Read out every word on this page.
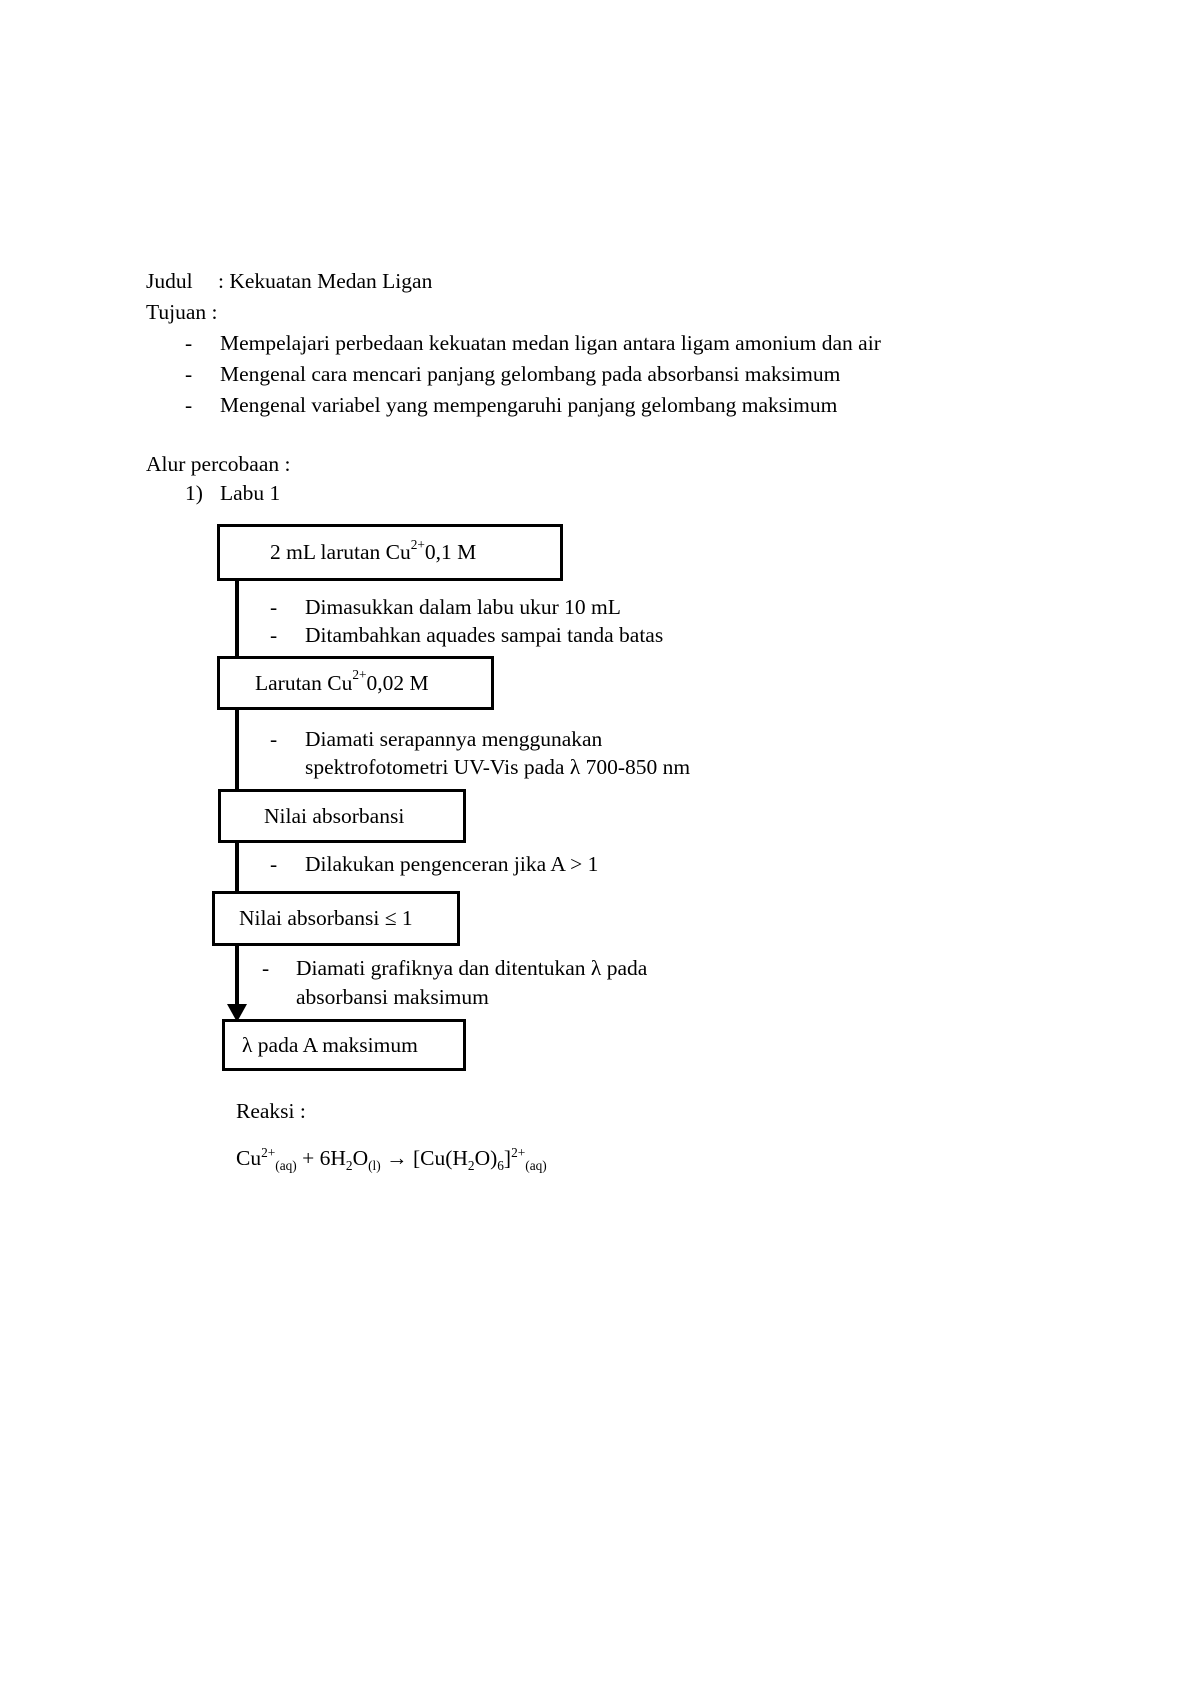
Judul : Kekuatan Medan Ligan
Tujuan :
- Mempelajari perbedaan kekuatan medan ligan antara ligam amonium dan air
- Mengenal cara mencari panjang gelombang pada absorbansi maksimum
- Mengenal variabel yang mempengaruhi panjang gelombang maksimum
Alur percobaan :
1) Labu 1
2 mL larutan $Cu^{2+}$ 0,1 M
- Dimasukkan dalam labu ukur 10 mL
- Ditambahkan aquades sampai tanda batas
Larutan $Cu^{2+}$ 0,02 M
- Diamati serapannya menggunakan
spektrofotometri UV-Vis pada λ 700-850 nm
Nilai absorbansi
- Dilakukan pengenceran jika A > 1
Nilai absorbansi ≤ 1
- Diamati grafiknya dan ditentukan λ pada
absorbansi maksimum
λ pada A maksimum
Reaksi :
$Cu^{2+}_{(aq)} + 6H_2O_{(l)} \to [Cu(H_2O)_6]^{2+}_{(aq)}$
